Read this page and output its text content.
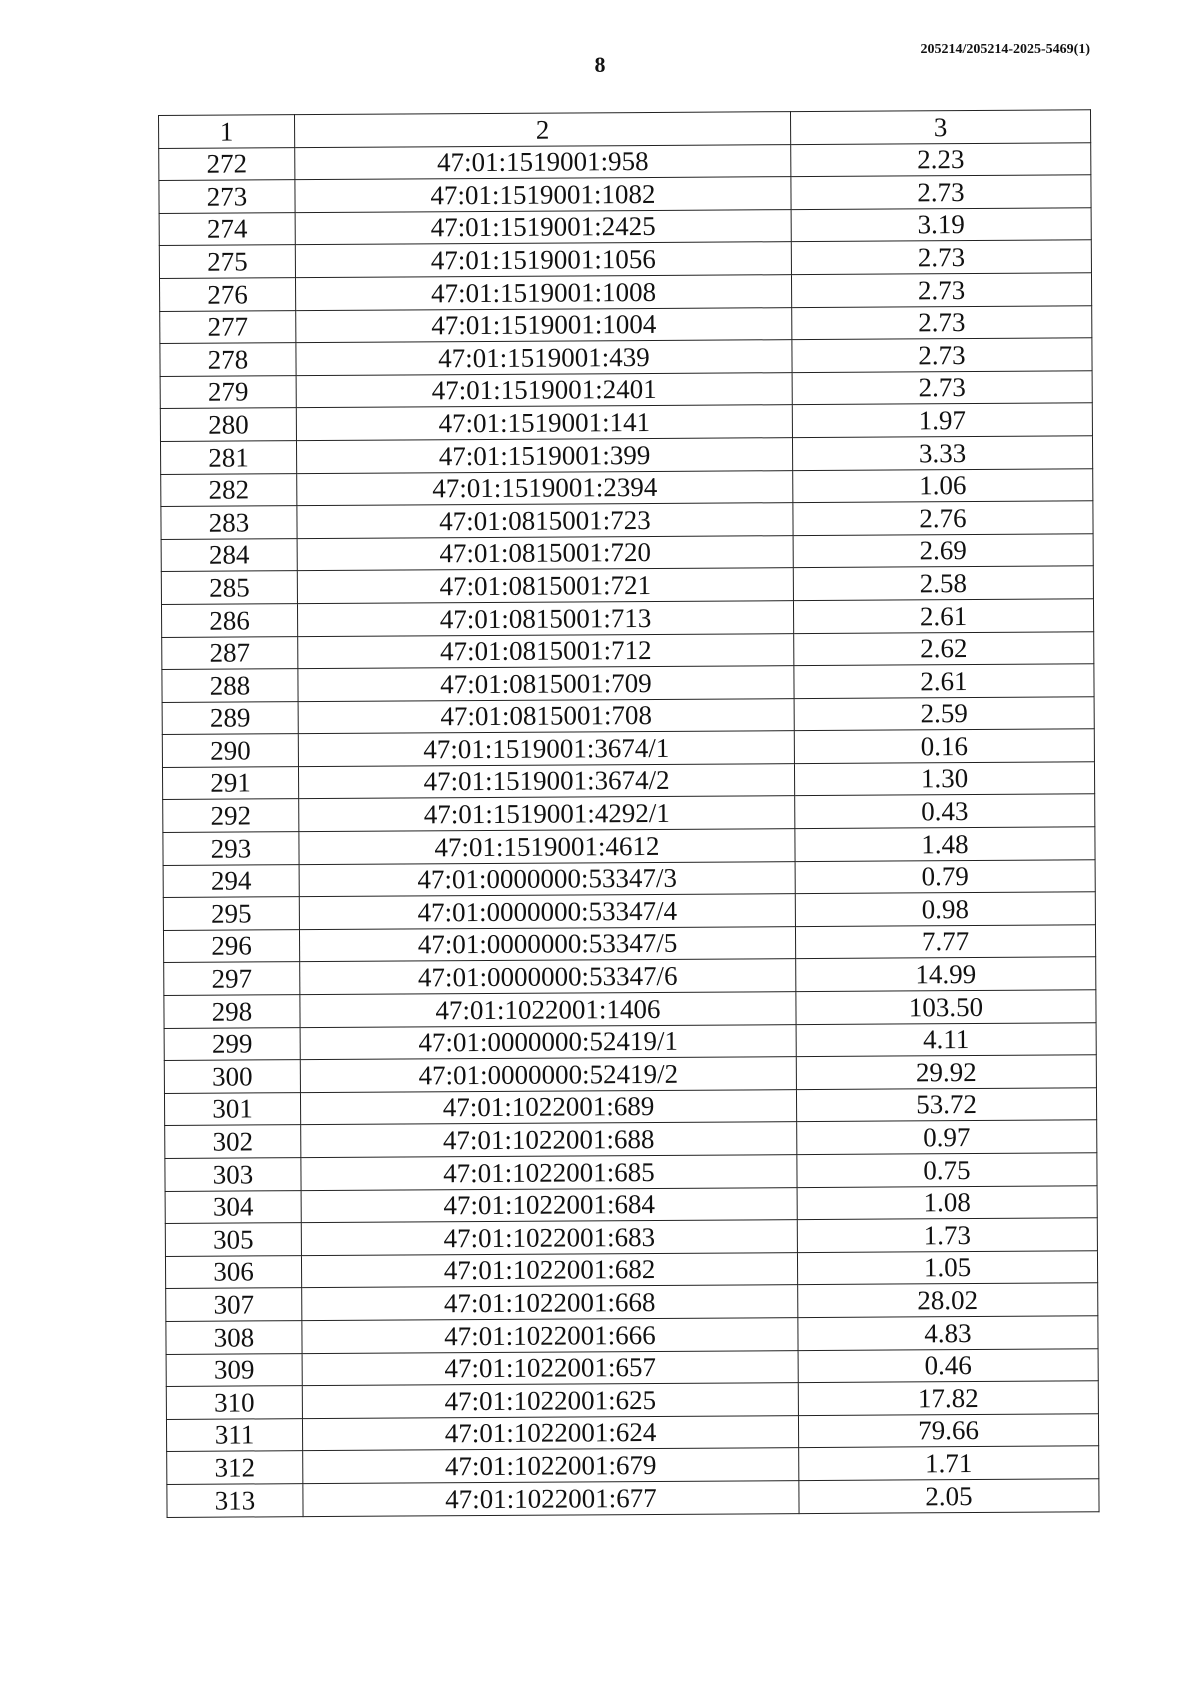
8
205214/205214-2025-5469(1)
1	2	3
272	47:01:1519001:958	2.23
273	47:01:1519001:1082	2.73
274	47:01:1519001:2425	3.19
275	47:01:1519001:1056	2.73
276	47:01:1519001:1008	2.73
277	47:01:1519001:1004	2.73
278	47:01:1519001:439	2.73
279	47:01:1519001:2401	2.73
280	47:01:1519001:141	1.97
281	47:01:1519001:399	3.33
282	47:01:1519001:2394	1.06
283	47:01:0815001:723	2.76
284	47:01:0815001:720	2.69
285	47:01:0815001:721	2.58
286	47:01:0815001:713	2.61
287	47:01:0815001:712	2.62
288	47:01:0815001:709	2.61
289	47:01:0815001:708	2.59
290	47:01:1519001:3674/1	0.16
291	47:01:1519001:3674/2	1.30
292	47:01:1519001:4292/1	0.43
293	47:01:1519001:4612	1.48
294	47:01:0000000:53347/3	0.79
295	47:01:0000000:53347/4	0.98
296	47:01:0000000:53347/5	7.77
297	47:01:0000000:53347/6	14.99
298	47:01:1022001:1406	103.50
299	47:01:0000000:52419/1	4.11
300	47:01:0000000:52419/2	29.92
301	47:01:1022001:689	53.72
302	47:01:1022001:688	0.97
303	47:01:1022001:685	0.75
304	47:01:1022001:684	1.08
305	47:01:1022001:683	1.73
306	47:01:1022001:682	1.05
307	47:01:1022001:668	28.02
308	47:01:1022001:666	4.83
309	47:01:1022001:657	0.46
310	47:01:1022001:625	17.82
311	47:01:1022001:624	79.66
312	47:01:1022001:679	1.71
313	47:01:1022001:677	2.05
